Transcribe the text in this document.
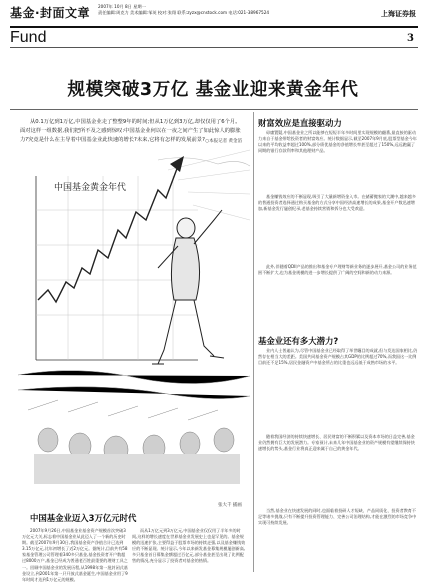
基金·封面文章 2007年 10月 8日 星期一
责任编辑:周克力 美术编辑:邹英 校对:张翔 联系:zyzx@cnstock.com 电话:021-38967524	上海证券报
Fund	3
规模突破3万亿 基金业迎来黄金年代
从0.1万亿到1万亿,中国基金业走了整整9年的时间;但从1万亿到3万亿,却仅仅用了6个月。面对这样一组数据,我们把所不及之感到惊叹:中国基金业何以在一夜之间产生了如此惊人的膨胀力?究竟是什么在主导着中国基金业此快速的增长?未来,它将有怎样的发展前景? ○本报记者 黄金滔
中国基金黄金年代
张大千 插画
中国基金业迈入3万亿元时代
2007年9月26日,中国基金业基金资产规模首次突破3万亿元大关,标志着中国基金业从此迈入了一个新的历史时期。截至2007年9月30日,我国基金资产净值合计已达到3.15万亿元,比年初增长了近2万亿元。据统计,目前共有58家基金管理公司管理着340多只基金,基金投资者开户数超过8000万户,基金已经成为普通老百姓最重要的理财工具之一。回顾中国基金业的发展历程,从1998年第一批封闭式基金设立,到2001年第一只开放式基金诞生,中国基金业用了9年时间才达到1万亿元的规模。
而从1万亿元到3万亿元,中国基金业仅仅用了半年多的时间,这样的增长速度在世界基金业发展史上也是罕见的。基金规模的迅速扩张,主要得益于股票市场的持续走强,以及基金赚钱效应的不断显现。统计显示,今年以来新发基金募集规模屡创新高,多只基金首日募集金额超过百亿元,部分基金甚至出现了比例配售的情况,充分显示了投资者对基金的热情。
财富效应是直接驱动力
毋庸置疑,中国基金业之所以能够在短短半年多时间里实现规模的翻番,最直接的驱动力来自于基金带给投资者的财富效应。统计数据显示,截至2007年9月底,股票型基金今年以来的平均收益率超过100%,部分绩优基金的净值增长率甚至超过了150%,远远跑赢了同期的银行存款利率和其他理财产品。
基金赚钱效应的不断显现,吸引了大量新增资金入市。在储蓄搬家的大潮中,越来越多的普通投资者选择通过购买基金的方式分享中国经济高速增长的成果,基金开户数迅速增加,新基金发行屡创纪录,老基金持续营销和拆分也大受欢迎。
此外,伴随着QDII产品的推出和基金专户理财等新业务的逐步展开,基金公司的业务范围不断扩大,也为基金规模的进一步增长提供了广阔的空间和新的动力来源。
基金业还有多大潜力?
业内人士普遍认为,尽管中国基金业已经取得了举世瞩目的成就,但与发达国家相比,仍然存在相当大的差距。美国共同基金资产规模占其GDP的比例超过70%,而我国这一比例目前还不足15%,居民金融资产中基金所占的比重也远远低于成熟市场的水平。
随着我国经济的持续快速增长、居民财富的不断积累以及资本市场的日益完善,基金业仍然拥有巨大的发展潜力。专家预计,未来几年中国基金业的资产规模有望继续保持快速增长的势头,基金行业将真正迎来属于自己的黄金年代。
当然,基金业在快速发展的同时,也面临着投研人才短缺、产品同质化、投资者教育不足等诸多挑战,只有不断提升投资管理能力、完善公司治理结构,才能在激烈的市场竞争中实现可持续发展。
